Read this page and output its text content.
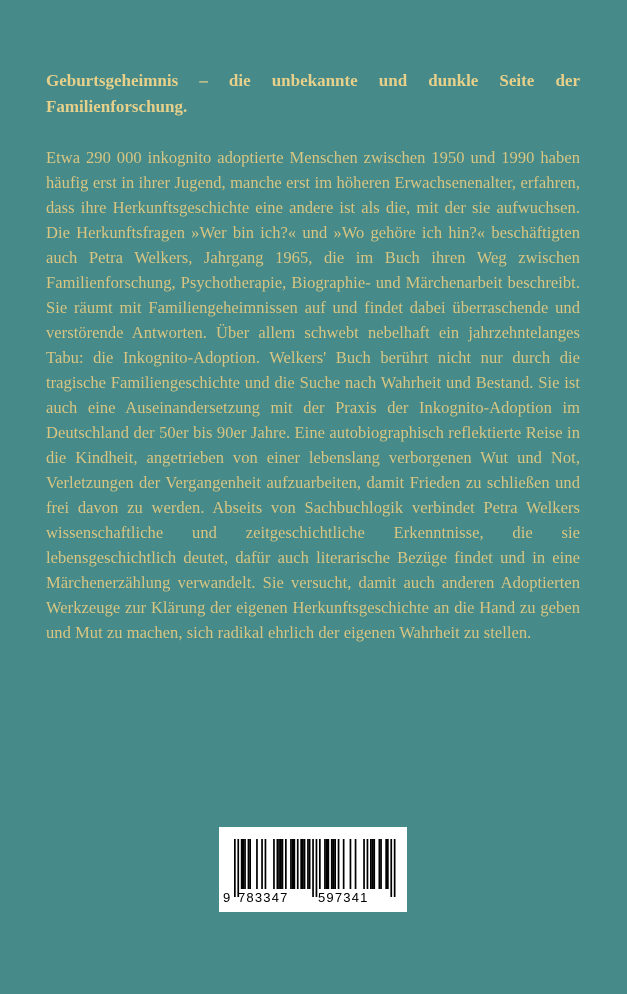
Geburtsgeheimnis – die unbekannte und dunkle Seite der Familienforschung.

Etwa 290 000 inkognito adoptierte Menschen zwischen 1950 und 1990 haben häufig erst in ihrer Jugend, manche erst im höheren Erwachsenenalter, erfahren, dass ihre Herkunftsgeschichte eine andere ist als die, mit der sie aufwuchsen. Die Herkunftsfragen »Wer bin ich?« und »Wo gehöre ich hin?« beschäftigten auch Petra Welkers, Jahrgang 1965, die im Buch ihren Weg zwischen Familienforschung, Psychotherapie, Biographie- und Märchenarbeit beschreibt. Sie räumt mit Familiengeheimnissen auf und findet dabei überraschende und verstörende Antworten. Über allem schwebt nebelhaft ein jahrzehntelanges Tabu: die Inkognito-Adoption. Welkers' Buch berührt nicht nur durch die tragische Familiengeschichte und die Suche nach Wahrheit und Bestand. Sie ist auch eine Auseinandersetzung mit der Praxis der Inkognito-Adoption im Deutschland der 50er bis 90er Jahre. Eine autobiographisch reflektierte Reise in die Kindheit, angetrieben von einer lebenslang verborgenen Wut und Not, Verletzungen der Vergangenheit aufzuarbeiten, damit Frieden zu schließen und frei davon zu werden. Abseits von Sachbuchlogik verbindet Petra Welkers wissenschaftliche und zeitgeschichtliche Erkenntnisse, die sie lebensgeschichtlich deutet, dafür auch literarische Bezüge findet und in eine Märchenerzählung verwandelt. Sie versucht, damit auch anderen Adoptierten Werkzeuge zur Klärung der eigenen Herkunftsgeschichte an die Hand zu geben und Mut zu machen, sich radikal ehrlich der eigenen Wahrheit zu stellen.

9 783347 597341
